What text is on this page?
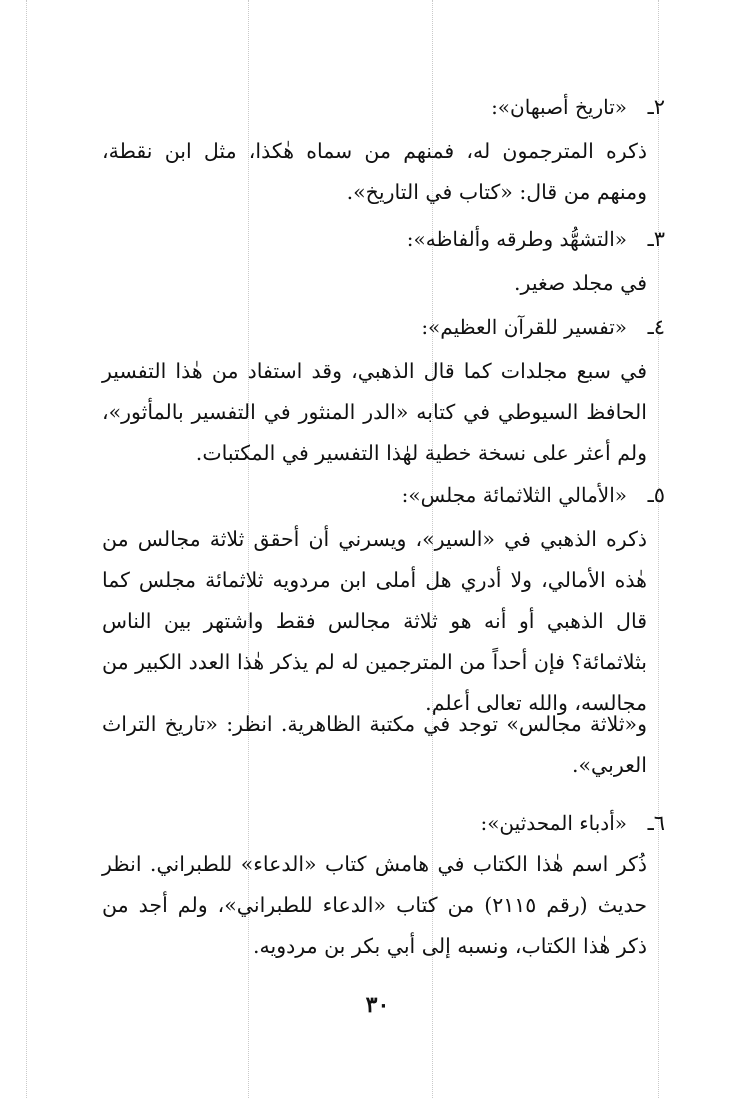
٢ـ
«تاريخ أصبهان»:
ذكره المترجمون له، فمنهم من سماه هٰكذا، مثل ابن نقطة، ومنهم من قال: «كتاب في التاريخ».
٣ـ
«التشهُّد وطرقه وألفاظه»:
في مجلد صغير.
٤ـ
«تفسير للقرآن العظيم»:
في سبع مجلدات كما قال الذهبي، وقد استفاد من هٰذا التفسير الحافظ السيوطي في كتابه «الدر المنثور في التفسير بالمأثور»، ولم أعثر على نسخة خطية لهٰذا التفسير في المكتبات.
٥ـ
«الأمالي الثلاثمائة مجلس»:
ذكره الذهبي في «السير»، ويسرني أن أحقق ثلاثة مجالس من هٰذه الأمالي، ولا أدري هل أملى ابن مردويه ثلاثمائة مجلس كما قال الذهبي أو أنه هو ثلاثة مجالس فقط واشتهر بين الناس بثلاثمائة؟ فإن أحداً من المترجمين له لم يذكر هٰذا العدد الكبير من مجالسه، والله تعالى أعلم.
و«ثلاثة مجالس» توجد في مكتبة الظاهرية. انظر: «تاريخ التراث العربي».
٦ـ
«أدباء المحدثين»:
ذُكر اسم هٰذا الكتاب في هامش كتاب «الدعاء» للطبراني. انظر حديث (رقم ٢١١٥) من كتاب «الدعاء للطبراني»، ولم أجد من ذكر هٰذا الكتاب، ونسبه إلى أبي بكر بن مردويه.
٣٠
